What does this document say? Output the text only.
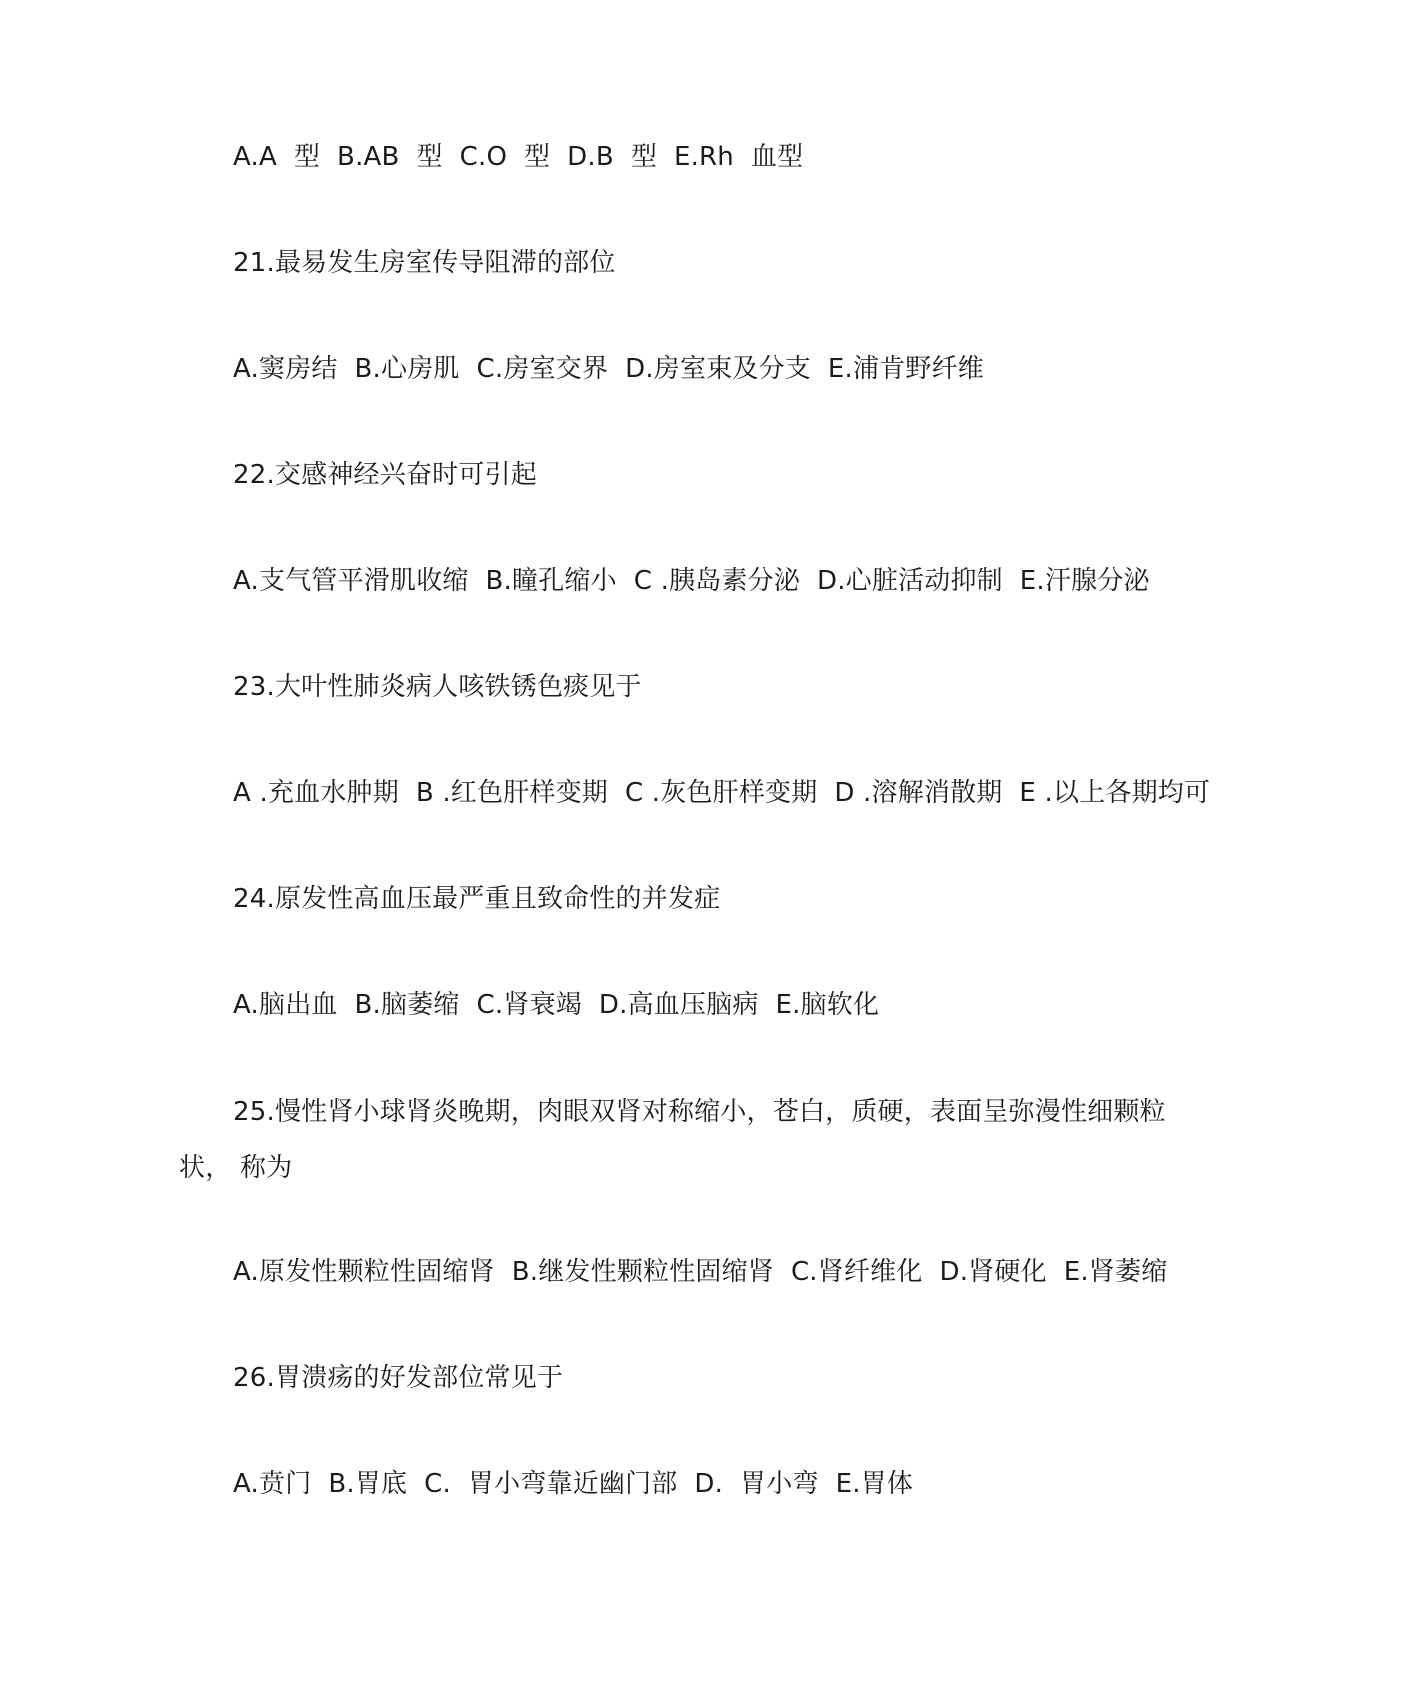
A.A  型  B.AB  型  C.O  型  D.B  型  E.Rh  血型
21.最易发生房室传导阻滞的部位
A.窦房结  B.心房肌  C.房室交界  D.房室束及分支  E.浦肯野纤维
22.交感神经兴奋时可引起
A.支气管平滑肌收缩  B.瞳孔缩小  C .胰岛素分泌  D.心脏活动抑制  E.汗腺分泌
23.大叶性肺炎病人咳铁锈色痰见于
A .充血水肿期  B .红色肝样变期  C .灰色肝样变期  D .溶解消散期  E .以上各期均可
24.原发性高血压最严重且致命性的并发症
A.脑出血  B.脑萎缩  C.肾衰竭  D.高血压脑病  E.脑软化
25.慢性肾小球肾炎晚期，肉眼双肾对称缩小，苍白，质硬，表面呈弥漫性细颗粒状， 称为
A.原发性颗粒性固缩肾  B.继发性颗粒性固缩肾  C.肾纤维化  D.肾硬化  E.肾萎缩
26.胃溃疡的好发部位常见于
A.贲门  B.胃底  C.  胃小弯靠近幽门部  D.  胃小弯  E.胃体
